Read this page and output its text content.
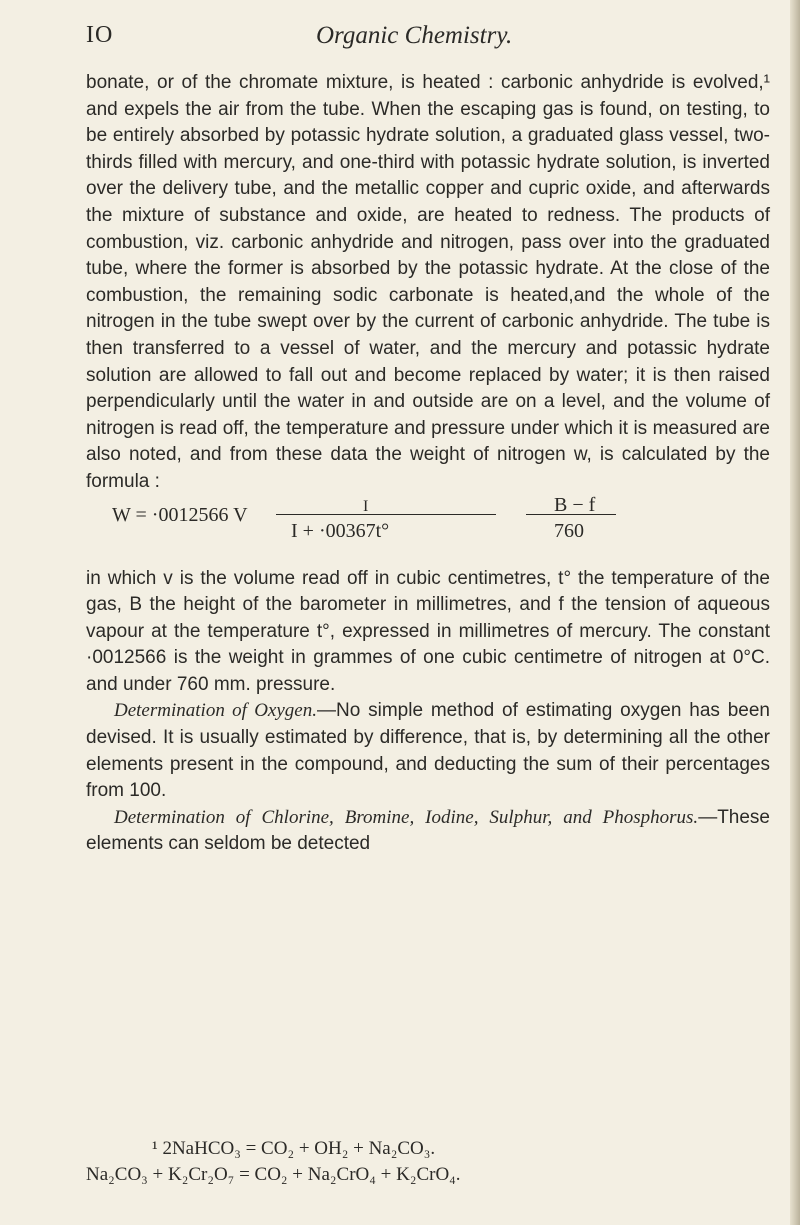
IO	Organic Chemistry.

bonate, or of the chromate mixture, is heated : carbonic anhydride is evolved,¹ and expels the air from the tube. When the escaping gas is found, on testing, to be entirely absorbed by potassic hydrate solution, a graduated glass vessel, two-thirds filled with mercury, and one-third with potassic hydrate solution, is inverted over the delivery tube, and the metallic copper and cupric oxide, and afterwards the mixture of substance and oxide, are heated to redness. The products of combustion, viz. carbonic anhydride and nitrogen, pass over into the graduated tube, where the former is absorbed by the potassic hydrate. At the close of the combustion, the remaining sodic carbonate is heated,and the whole of the nitrogen in the tube swept over by the current of carbonic anhydride. The tube is then transferred to a vessel of water, and the mercury and potassic hydrate solution are allowed to fall out and become replaced by water; it is then raised perpendicularly until the water in and outside are on a level, and the volume of nitrogen is read off, the temperature and pressure under which it is measured are also noted, and from these data the weight of nitrogen w, is calculated by the formula :

W = ·0012566 V	I
I + ·00367t°
B − f
760

in which v is the volume read off in cubic centimetres, t° the temperature of the gas, B the height of the barometer in millimetres, and f the tension of aqueous vapour at the temperature t°, expressed in millimetres of mercury. The constant ·0012566 is the weight in grammes of one cubic centimetre of nitrogen at 0°C. and under 760 mm. pressure.

Determination of Oxygen.—No simple method of estimating oxygen has been devised. It is usually estimated by difference, that is, by determining all the other elements present in the compound, and deducting the sum of their percentages from 100.

Determination of Chlorine, Bromine, Iodine, Sulphur, and Phosphorus.—These elements can seldom be detected

¹ 2NaHCO₃ = CO₂ + OH₂ + Na₂CO₃.

Na₂CO₃ + K₂Cr₂O₇ = CO₂ + Na₂CrO₄ + K₂CrO₄.
